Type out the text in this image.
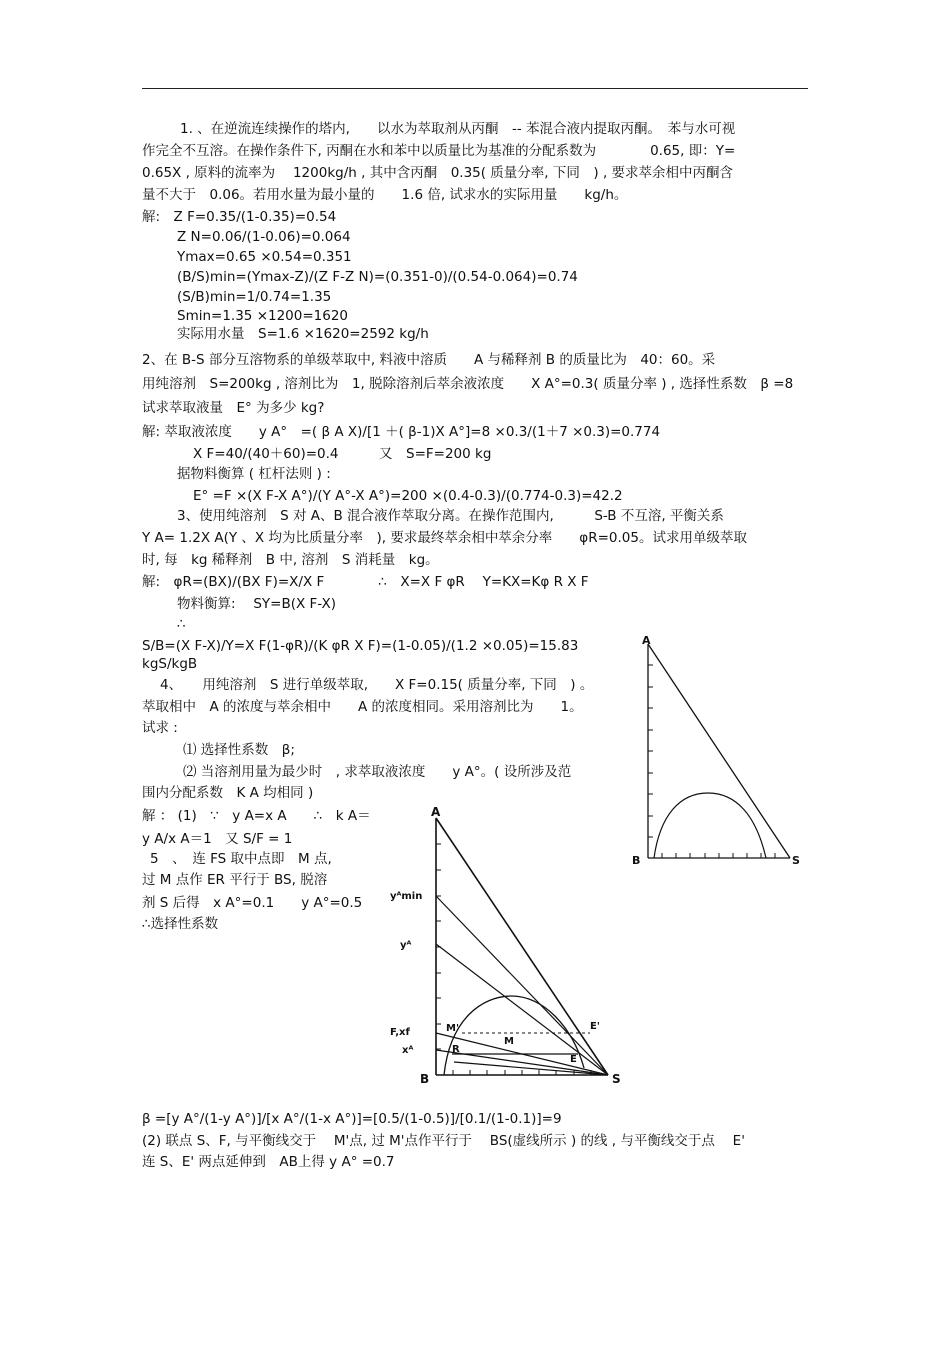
1. 、在逆流连续操作的塔内,　　以水为萃取剂从丙酮　-- 苯混合液内提取丙酮。　苯与水可视
作完全不互溶。在操作条件下, 丙酮在水和苯中以质量比为基准的分配系数为　　　　0.65, 即：Y=
0.65X , 原料的流率为　 1200kg/h , 其中含丙酮　0.35( 质量分率, 下同　) , 要求萃余相中丙酮含
量不大于　0.06。若用水量为最小量的　　1.6 倍, 试求水的实际用量　　kg/h。
解:　Z F=0.35/(1-0.35)=0.54
Z N=0.06/(1-0.06)=0.064
Ymax=0.65 ×0.54=0.351
(B/S)min=(Ymax-Z)/(Z F-Z N)=(0.351-0)/(0.54-0.064)=0.74
(S/B)min=1/0.74=1.35
Smin=1.35 ×1200=1620
实际用水量　S=1.6 ×1620=2592 kg/h
2、在 B-S 部分互溶物系的单级萃取中, 料液中溶质　　A 与稀释剂 B 的质量比为　40：60。采
用纯溶剂　S=200kg , 溶剂比为　1, 脱除溶剂后萃余液浓度　　X A°=0.3( 质量分率 ) , 选择性系数　β =8
试求萃取液量　E° 为多少 kg?
解: 萃取液浓度　　y A°　=( β A X)/[1 ＋( β-1)X A°]=8 ×0.3/(1＋7 ×0.3)=0.774
X F=40/(40＋60)=0.4　　　又　S=F=200 kg
据物料衡算 ( 杠杆法则 ) :
E° =F ×(X F-X A°)/(Y A°-X A°)=200 ×(0.4-0.3)/(0.774-0.3)=42.2
3、使用纯溶剂　S 对 A、B 混合液作萃取分离。在操作范围内,　　　S-B 不互溶, 平衡关系
Y A= 1.2X A(Y 、X 均为比质量分率　), 要求最终萃余相中萃余分率　　φR=0.05。试求用单级萃取
时, 每　kg 稀释剂　B 中, 溶剂　S 消耗量　kg。
解:　φR=(BX)/(BX F)=X/X F　　　　∴　X=X F φR　 Y=KX=Kφ R X F
物料衡算:　 SY=B(X F-X)
∴
S/B=(X F-X)/Y=X F(1-φR)/(K φR X F)=(1-0.05)/(1.2 ×0.05)=15.83
kgS/kgB
4、　　用纯溶剂　S 进行单级萃取,　　X F=0.15( 质量分率, 下同　) 。
萃取相中　A 的浓度与萃余相中　　A 的浓度相同。采用溶剂比为　　1。
试求 :
⑴ 选择性系数　β;
⑵ 当溶剂用量为最少时　, 求萃取液浓度　　y A°。( 设所涉及范
围内分配系数　K A 均相同 )
解 ： (1)　∵　y A=x A　　∴　k A＝
y A/x A＝1　又 S/F = 1
5　、　连 FS 取中点即　M 点,
过 M 点作 ER 平行于 BS, 脱溶
剂 S 后得　x A°=0.1　　y A°=0.5
∴选择性系数
β =[y A°/(1-y A°)]/[x A°/(1-x A°)]=[0.5/(1-0.5)]/[0.1/(1-0.1)]=9
(2) 联点 S、F, 与平衡线交于　 M'点, 过 M'点作平行于　 BS(虚线所示 ) 的线 , 与平衡线交于点　 E'
连 S、E' 两点延伸到　AB上得 y A° =0.7
A
B	S
A
B	S
yᴬmin
yᴬ
F,xf
xᴬ
M'
M
E'
E
R
